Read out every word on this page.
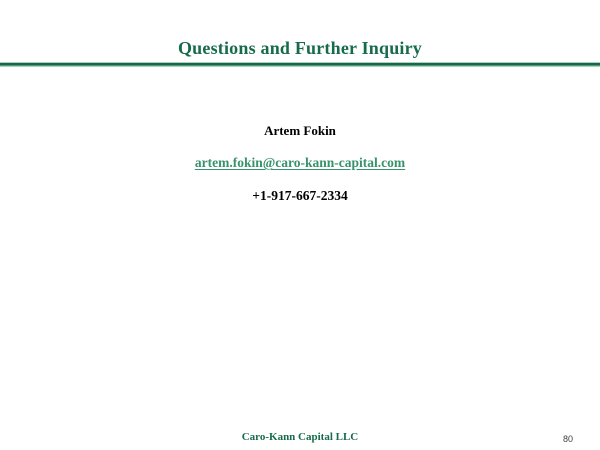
Questions and Further Inquiry

Artem Fokin

artem.fokin@caro-kann-capital.com

+1-917-667-2334

Caro-Kann Capital LLC	80
